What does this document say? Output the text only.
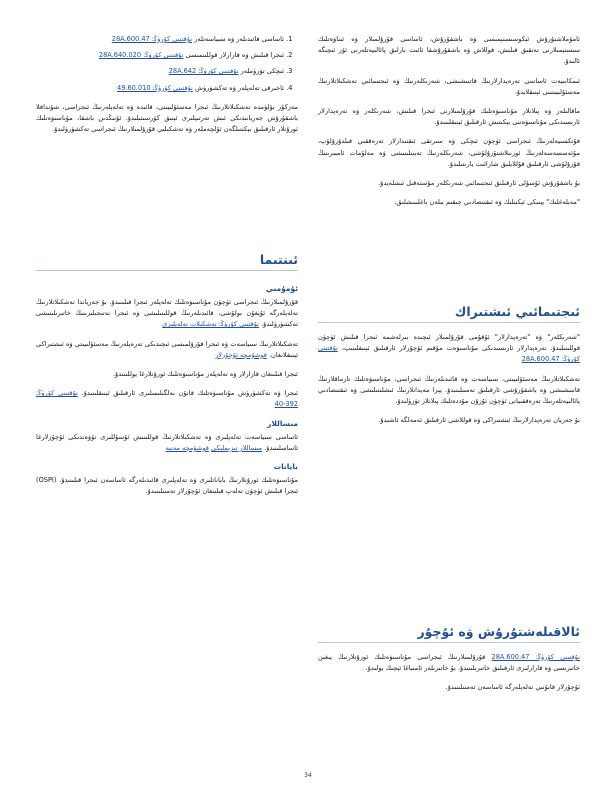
ﺋﺎﻣﯘﻣﻼﺷﺘﯘرۇش ﺋﯧﻜﻮﺳﯩﺴﺘﯧﻤﯩﺴﻰ ۋە ﺑﺎﺷﻘﯘرۇش، ﺋﺎﺳﺎﺳﻰ ﻗﯘرۇﻟﻤﯩﻼر ۋە ﺋﯩﻨﺎۋەﺗﻠﯩﻚ ﺳﯩﺴﺘﯧﻤﯩﻼرﻧﻰ ﺗﻪﺗﻘﯩﻖ ﻗﯩﻠﯩﺶ، ﻗﻮﻟﻼش ۋە ﺑﺎﺷﻘﯘرۇﺷﻘﺎ ﺋﺎﺋﯩﺖ ﺑﺎرﻟﯩﻖ ﭘﺎﺋﺎﻟﯩﻴﻪﺗﻠﻪرﻧﻰ ﺋﯚز ﺋﯩﭽﯩﮕﻪ ﺋﺎﻟﯩﺪۇ.

ﺋﯩﻤﻜﺎﻧﯩﻴﻪت ﺋﺎﺳﺎﺳﻰ ﺗﻪرەﭘﺪارﻻرﻧﯩﯔ ﻗﺎﺗﻨﯩﺸﯩﺸﻰ، ﺷﻪرﯨﻜﻠﻪرﻧﯩﯔ ۋە ﺋﯩﺠﺘﯩﻤﺎﺋﯩﻲ ﺗﻪﺷﻜﯩﻼﺗﻼرﻧﯩﯔ ﻣﻪﺳﺌﯘﻟﯩﻴﯩﺘﯩﻨﻰ ﺋﯧﻨﯩﻘﻼﻳﺪۇ.

ﻣﺎﻗﺎﻟﯩﻠﻪر ۋە ﭘﯩﻼﻧﻼر ﻣﯘﻧﺎﺳﯩﯟەﺗﻠﯩﻚ ﻗﯘرۇﻟﻤﯩﻼرﻧﻰ ﺋﯩﺠﺮا ﻗﯩﻠﯩﺶ، ﺷﻪرﯨﻜﻠﻪر ۋە ﺗﻪرەﭘﺪارﻻر ﺋﺎرﯨﺴﯩﺪﯨﻜﻰ ﻣﯘﻧﺎﺳﯩﯟەﺗﻨﻰ ﺑﯧﻜﯩﺘﯩﺶ ﺋﺎرﻗﯩﻠﯩﻖ ﺋﯧﻨﯩﻘﻠﯩﻨﯩﺪۇ.

ﻓﯘﻧﻜﺴﯩﻴﻪﻟﻪرﻧﯩﯔ ﺋﯩﺠﺮاﺳﻰ ﺋﯜﭼﯜن ﺋﯩﭽﻜﻰ ۋە ﺳﯩﺮﺗﻘﻰ ﺋﯩﻘﺘﯩﺪارﻻر ﺗﻪرەﻗﻘﯩﻲ ﻗﯩﻠﺪۇرۇﻟﯘپ، ﻣﯘﺋﻪﺳﺴﻪﺳﻪﻟﻪرﻧﯩﯔ ﺋﻮرﯨﻨﻼﺷﺘﯘرۇﻟﯘﺷﻰ، ﺷﻪرﯨﻜﻠﻪرﻧﯩﯔ ﺗﻪﻳﯩﻨﻠﯩﻨﯩﺸﻰ ۋە ﻣﻪﻟﯘﻣﺎت ﺋﺎﻣﺒﯩﺮﯨﻨﯩﯔ ﻗﯘرۇﻟﯘﺷﻰ ﺋﺎرﻗﯩﻠﯩﻖ ﻗﯘﻟﻼﻳﻠﯩﻖ ﺷﺎراﺋﯩﺖ ﻳﺎرﯨﺘﯩﻠﯩﺪۇ.

ﺑﯘ ﺑﺎﺷﻘﯘرۇش ﺋﯘﺳﯘﻟﻰ ﺋﺎرﻗﯩﻠﯩﻖ ﺋﯩﺠﺘﯩﻤﺎﺋﯩﻲ ﺷﻪرﯨﻜﻠﻪر ﻣﯘﺳﺘﻪﻗﯩﻞ ﺋﯩﺸﻠﻪﻳﺪۇ.

"ﻣﻪﺑﻠﻪﻏﻠﯩﻚ" ﻳﯧﻨﯩﻜﻰ ﺋﯧﻜﯩﻨﻠﯩﻚ ۋە ﺋﯩﻘﺘﯩﺼﺎدﯨﻲ ﭼﯩﻘﯩﻢ ﺑﯩﻠﻪن ﺑﺎﻏﻠﯩﻨﯩﺸﻠﯩﻖ.

ﺋﯩﺠﺘﯩﻤﺎﺋﯩﻲ ﺋﯩﺸﺘﯩﺮاك

"ﺷﻪرﯨﻜﻠﻪر" ۋە "ﺗﻪرەﭘﺪارﻻر" ﺋﯘﻗﯘﻣﻰ ﻗﯘرۇﻟﻤﯩﻼر ﺋﯩﭽﯩﺪە ﺑﯩﺮﻟﻪﺷﻤﻪ ﺋﯩﺠﺮا ﻗﯩﻠﯩﺶ ﺋﯜﭼﯜن ﻗﻮﻟﻠﯩﻨﯩﻠﯩﺪۇ. ﺗﻪرەﭘﺪارﻻر ﺋﺎرﯨﺴﯩﺪﯨﻜﻰ ﻣﯘﻧﺎﺳﯩﯟەت ﻣﯘﻗﯩﻢ ﺋﯘﭼﯘرﻻر ﺋﺎرﻗﯩﻠﯩﻖ ﺋﯧﻨﯩﻘﻠﯩﻨﯩﭗ، ﻧﯘﻗﺘﯩﻨﻰ ﻛﯚرۈﯕ: 28A.600.47

ﺗﻪﺷﻜﯩﻼﺗﻼرﻧﯩﯔ ﻣﻪﺳﺌﯘﻟﯩﻴﯩﺘﻰ، ﺳﯩﻴﺎﺳﻪت ۋە ﻗﺎﺋﯩﺪﯨﻠﻪرﻧﯩﯔ ﺋﯩﺠﺮاﺳﻰ، ﻣﯘﻧﺎﺳﯩﯟەﺗﻠﯩﻚ ﺗﺎرﻣﺎﻗﻼرﻧﯩﯔ ﻗﺎﺗﻨﯩﺸﯩﺸﻰ ۋە ﺑﺎﺷﻘﯘرۇﺷﻰ ﺋﺎرﻗﯩﻠﯩﻖ ﺗﻪﻣﯩﻨﻠﯩﻨﯩﺪۇ. ﻳﯧﺰا ﻣﻪﻳﺪاﻧﻼرﻧﯩﯔ ﺋﯩﺸﻠﯩﺘﯩﻠﯩﺸﻰ ۋە ﺋﯩﻘﺘﯩﺼﺎدﯨﻲ ﭘﺎﺋﺎﻟﯩﻴﻪﺗﻠﻪرﻧﯩﯔ ﺗﻪرەﻗﻘﯩﻴﺎﺗﻰ ﺋﯜﭼﯜن ﺋﯘزۇن ﻣﯘددەﺗﻠﯩﻚ ﭘﯩﻼﻧﻼر ﺗﯜزۈﻟﯩﺪۇ.

ﺑﯘ ﺟﻪرﻳﺎن ﺗﻪرەﭘﺪارﻻرﻧﯩﯔ ﺋﯩﺸﺘﯩﺮاﻛﻰ ۋە ﻗﻮﻟﻼﺷﻰ ﺋﺎرﻗﯩﻠﯩﻖ ﺋﻪﻣﻪﻟﮕﻪ ﺋﺎﺷﯩﺪۇ.

ﺋﺎﻻﻗﯩﻠﻪﺷﺘﯘرۇش ۋە ﺋﯘﭼﯘر

ﻧﯘﻗﺘﯩﻨﻰ ﻛﯚرۈﯕ: 28A.600.47 ﻗﯘرۇﻟﻤﯩﻼرﻧﯩﯔ ﺋﯩﺠﺮاﺳﻰ ﻣﯘﻧﺎﺳﯩﯟەﺗﻠﯩﻚ ﺋﻮرۇﻧﻼرﻧﯩﯔ ﻳﯩﻐﯩﻦ ﺧﺎﺗﯩﺮﯨﺴﻰ ۋە ﻗﺎرارﻟﯩﺮى ﺋﺎرﻗﯩﻠﯩﻖ ﺧﺎﺗﯩﺮﯨﻠﯩﻨﯩﺪۇ. ﺑﯘ ﺧﺎﺗﯩﺮﯨﻠﻪر ﺋﺎﻣﯩﺒﺎﻏﺎ ﺋﯧﭽﯩﻚ ﺑﻮﻟﯩﺪۇ.

ﺋﯘﭼﯘرﻻر ﻗﺎﻧﯘﻧﯩﻲ ﺗﻪﻟﻪﭘﻠﻪرﮔﻪ ﺋﺎﺳﺎﺳﻪن ﺗﻪﻣﯩﻨﻠﯩﻨﯩﺪۇ.

1. ﺋﺎﺳﺎﺳﻰ ﻗﺎﺋﯩﺪﯨﻠﻪر ۋە ﺳﯩﻴﺎﺳﻪﺗﻠﻪر ﻧﯘﻗﺘﯩﻨﻰ ﻛﯚرۈﯕ: 28A.600.47
2. ﺋﯩﺠﺮا ﻗﯩﻠﯩﺶ ۋە ﻗﺎرارﻻر ﻗﻮﻟﻠﯩﻨﻤﯩﺴﻰ ﻧﯘﻗﺘﯩﻨﻰ ﻛﯚرۈﯕ: 28A.640.020
3. ﺋﯩﭽﻜﻰ ﺗﯜزۈﻣﻠﻪر ﻧﯘﻗﺘﯩﻨﻰ ﻛﯚرۈﯕ: 28A.642
4. ﺋﺎﺧﯩﺮﻗﻰ ﺗﻪﻟﻪﭘﻠﻪر ۋە ﺗﻪﻛﺸﯜرۈش ﻧﯘﻗﺘﯩﻨﻰ ﻛﯚرۈﯕ: 49.60.010

ﻣﻪزﻛﯘر ﺑﯚﻟﯜﻣﺪە ﺗﻪﺷﻜﯩﻼﺗﻼرﻧﯩﯔ ﺋﯩﺠﺮا ﻣﻪﺳﺌﯘﻟﯩﻴﯩﺘﻰ، ﻗﺎﺋﯩﺪە ۋە ﺗﻪﻟﻪﭘﻠﻪرﻧﯩﯔ ﺋﯩﺠﺮاﺳﻰ، ﺷﯘﻧﺪاﻗﻼ ﺑﺎﺷﻘﯘرۇش ﺟﻪرﻳﺎﻧﯩﺪﯨﻜﻰ ﺋﯩﺶ ﺗﻪرﺗﯩﭙﻠﯩﺮى ﺋﯧﻨﯩﻖ ﻛﯚرﺳﯩﺘﯩﻠﯩﺪۇ. ﺋﯘﻧﯩﯖﺪﯨﻦ ﺑﺎﺷﻘﺎ، ﻣﯘﻧﺎﺳﯩﯟەﺗﻠﯩﻚ ﺋﻮرۇﻧﻼر ﺋﺎرﻗﯩﻠﯩﻖ ﺑﯧﻜﯩﺘﯩﻠﮕﻪن ﺋﯚﻟﭽﻪﻣﻠﻪر ۋە ﺗﻪﺷﻜﯩﻠﯩﻲ ﻗﯘرۇﻟﻤﯩﻼرﻧﯩﯔ ﺋﯩﺠﺮاﺳﻰ ﺗﻪﻛﺸﯜرۈﻟﯩﺪۇ.

ﺋﯩﻨﺘﯩﻤﺎ
ﺋﯘﻣﯘﻣﯩﻲ

ﻗﯘرۇﻟﻤﯩﻼرﻧﯩﯔ ﺋﯩﺠﺮاﺳﻰ ﺋﯜﭼﯜن ﻣﯘﻧﺎﺳﯩﯟەﺗﻠﯩﻚ ﺗﻪﻟﻪﭘﻠﻪر ﺋﯩﺠﺮا ﻗﯩﻠﯩﻨﯩﺪۇ. ﺑﯘ ﺟﻪرﻳﺎﻧﺪا ﺗﻪﺷﻜﯩﻼﺗﻼرﻧﯩﯔ ﺗﻪﻟﻪﭘﻠﻪرﮔﻪ ﺋﯘﻳﻐﯘن ﺑﻮﻟﯘﺷﻰ، ﻗﺎﺋﯩﺪﯨﻠﻪرﻧﯩﯔ ﻗﻮﻟﻠﯩﻨﯩﻠﯩﺸﻰ ۋە ﺋﯩﺠﺮا ﻧﻪﺗﯩﺠﯩﻠﯩﺮﯨﻨﯩﯔ ﺧﺎﺗﯩﺮﯨﻠﯩﻨﯩﺸﻰ ﺗﻪﻛﺸﯜرۈﻟﯩﺪۇ. ﻧﯘﻗﺘﯩﻨﻰ ﻛﯚرۈﯕ: ﺗﻪﺷﻜﯩﻼت ﺗﻪﻟﻪﭘﻠﯩﺮى

ﺗﻪﺷﻜﯩﻼﺗﻼرﻧﯩﯔ ﺳﯩﻴﺎﺳﻪت ۋە ﺋﯩﺠﺮا ﻗﯘرۇﻟﻤﯩﺴﻰ ﺋﯩﭽﯩﺪﯨﻜﻰ ﺗﻪرەﭘﻠﻪرﻧﯩﯔ ﻣﻪﺳﺌﯘﻟﯩﻴﯩﺘﻰ ۋە ﺋﯩﺸﺘﯩﺮاﻛﻰ ﺋﯧﻨﯩﻘﻼﻧﻐﺎن. ﻗﻮﺷﯘﻣﭽﻪ ﺋﯘﭼﯘرﻻر

ﺋﯩﺠﺮا ﻗﯩﻠﯩﻨﻐﺎن ﻗﺎرارﻻر ۋە ﺗﻪﻟﻪﭘﻠﻪر ﻣﯘﻧﺎﺳﯩﯟەﺗﻠﯩﻚ ﺋﻮرۇﻧﻼرﻏﺎ ﻳﻮﻟﻠﯩﻨﯩﺪۇ.

ﺋﯩﺠﺮا ۋە ﺗﻪﻛﺸﯜرۈش ﻣﯘﻧﺎﺳﯩﯟەﺗﻠﯩﻚ ﻗﺎﻧﯘن ﺑﻪﻟﮕﯩﻠﯩﻤﯩﻠﯩﺮى ﺋﺎرﻗﯩﻠﯩﻖ ﺋﯧﻨﯩﻘﻠﯩﻨﯩﺪۇ. ﻧﯘﻗﺘﯩﻨﻰ ﻛﯚرۈﯕ: 392-40

ﻣﯩﺴﺎﻟﻼر

ﺋﺎﺳﺎﺳﻰ ﺳﯩﻴﺎﺳﻪت ﺗﻪﻟﻪﭘﻠﯩﺮى ۋە ﺗﻪﺷﻜﯩﻼﺗﻼرﻧﯩﯔ ﻗﻮﻟﻠﯩﻨﯩﺶ ﺋﯘﺳﯘﻟﻠﯩﺮى ﺗﯚۋەﻧﺪﯨﻜﻰ ﺋﯘﭼﯘرﻻرﻏﺎ ﺋﺎﺳﺎﺳﻠﯩﻨﯩﺪۇ. ﻣﯩﺴﺎﻟﻼر ﺗﯩﺰﯨﻤﻠﯩﻜﻰ ﻗﻮﺷﯘﻣﭽﻪ ﻣﻪﻧﺒﻪ

ﺑﺎﻳﺎﻧﺎت

ﻣﯘﻧﺎﺳﯩﯟەﺗﻠﯩﻚ ﺋﻮرۇﻧﻼرﻧﯩﯔ ﺑﺎﻳﺎﻧﺎﺗﻠﯩﺮى ۋە ﺗﻪﻟﻪﭘﻠﯩﺮى ﻗﺎﺋﯩﺪﯨﻠﻪرﮔﻪ ﺋﺎﺳﺎﺳﻪن ﺋﯩﺠﺮا ﻗﯩﻠﯩﻨﯩﺪۇ. (OSPI) ﺋﯩﺠﺮا ﻗﯩﻠﯩﺶ ﺋﯜﭼﯜن ﺗﻪﻟﻪپ ﻗﯩﻠﯩﻨﻐﺎن ﺋﯘﭼﯘرﻻر ﺗﻪﻣﯩﻨﻠﯩﻨﯩﺪۇ.

34
